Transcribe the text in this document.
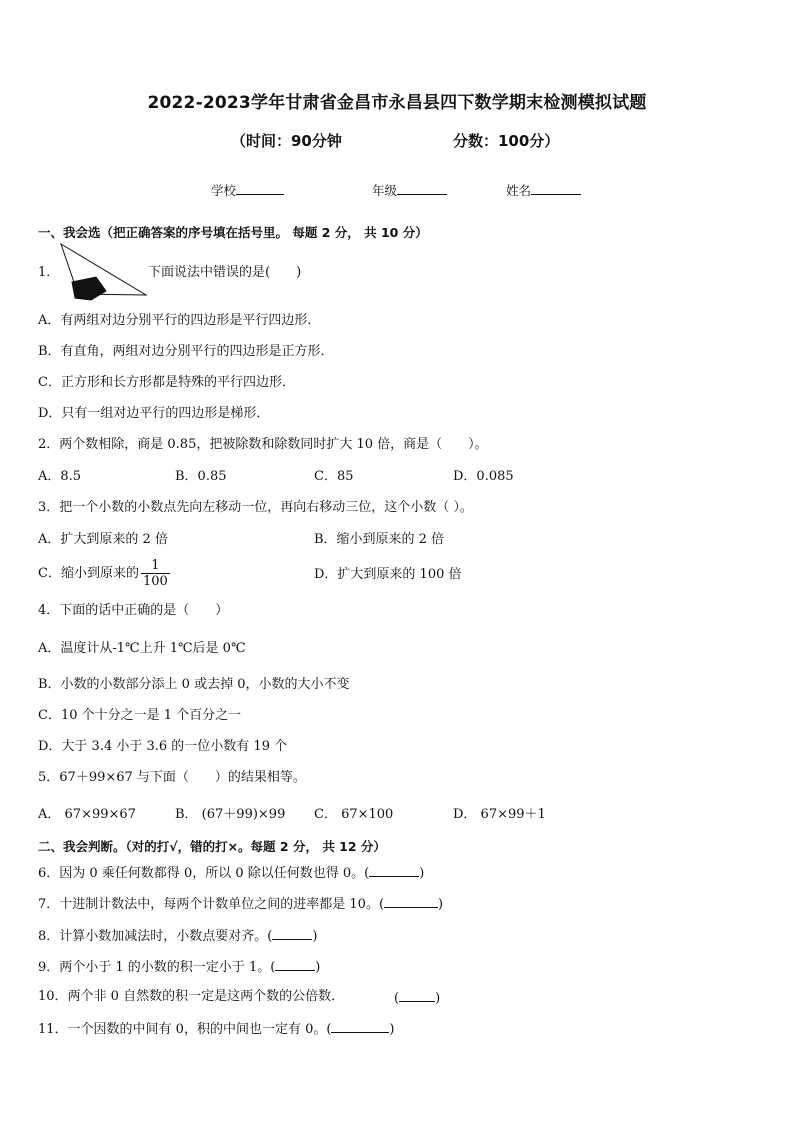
2022-2023学年甘肃省金昌市永昌县四下数学期末检测模拟试题
（时间：90分钟	分数：100分）
学校	年级	姓名
一、我会选（把正确答案的序号填在括号里。 每题 2 分， 共 10 分）
1．	下面说法中错误的是(　　)
A．有两组对边分别平行的四边形是平行四边形．
B．有直角，两组对边分别平行的四边形是正方形．
C．正方形和长方形都是特殊的平行四边形．
D．只有一组对边平行的四边形是梯形．
2．两个数相除，商是 0.85，把被除数和除数同时扩大 10 倍，商是（　　）。
A．8.5	B．0.85	C．85	D．0.085
3．把一个小数的小数点先向左移动一位，再向右移动三位，这个小数（ ）。
A．扩大到原来的 2 倍	B．缩小到原来的 2 倍
C．缩小到原来的 $\frac{1}{100}$	D．扩大到原来的 100 倍
4．下面的话中正确的是（　　）
A．温度计从-1℃上升 1℃后是 0℃
B．小数的小数部分添上 0 或去掉 0，小数的大小不变
C．10 个十分之一是 1 个百分之一
D．大于 3.4 小于 3.6 的一位小数有 19 个
5．67＋99×67 与下面（　　）的结果相等。
A． 67×99×67	B． (67＋99)×99 C． 67×100	D． 67×99＋1
二、我会判断。（对的打√，错的打×。每题 2 分， 共 12 分）
6．因为 0 乘任何数都得 0，所以 0 除以任何数也得 0。(	)
7．十进制计数法中，每两个计数单位之间的进率都是 10。(	)
8．计算小数加减法时，小数点要对齐。(	)
9．两个小于 1 的小数的积一定小于 1。(	)
10．两个非 0 自然数的积一定是这两个数的公倍数．	(	)
11．一个因数的中间有 0，积的中间也一定有 0。(	)
